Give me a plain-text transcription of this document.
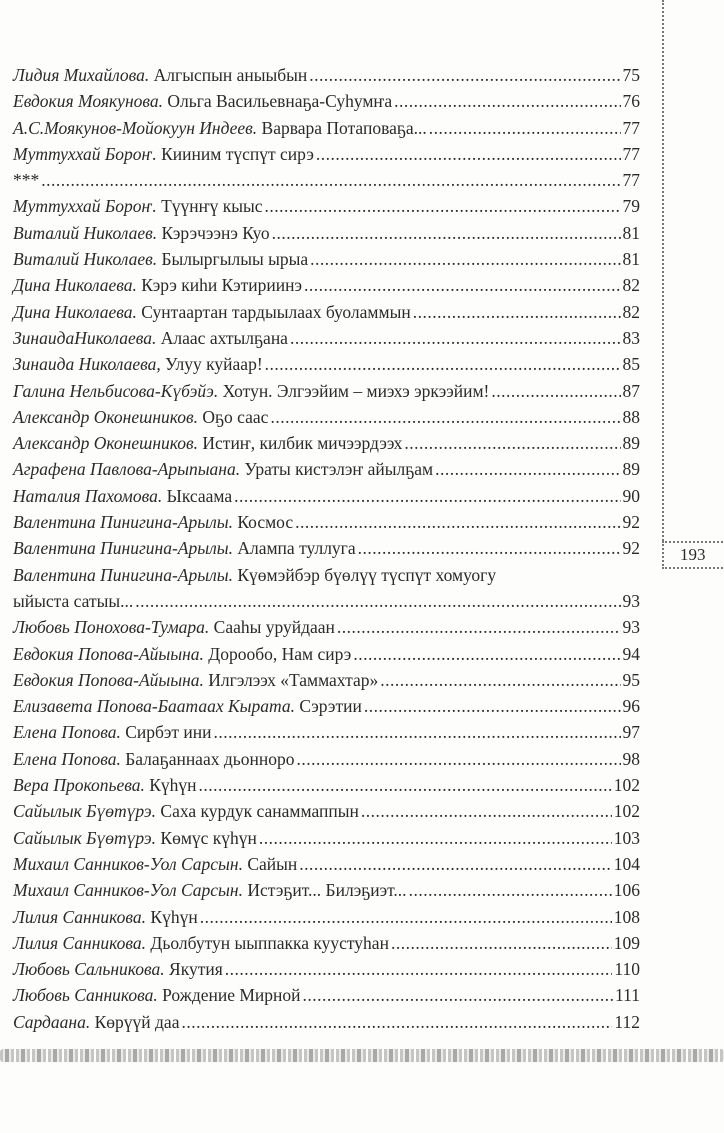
193
Лидия Михайлова. Алгыспын аныыбын .....	75
Евдокия Моякунова. Ольга Васильевнаҕа-Суһумҥа .....	76
А.С.Моякунов-Мойокуун Индеев. Варвара Потаповаҕа... .....	77
Муттуххай Бороҥ. Кииним түспүт сирэ .....	77
*** .....	77
Муттуххай Бороҥ. Түүнҥү кыыс .....	79
Виталий Николаев. Кэрэчээнэ Куо .....	81
Виталий Николаев. Былыргылыы ырыа .....	81
Дина Николаева. Кэрэ киһи Кэтириинэ .....	82
Дина Николаева. Сунтаартан тардыылаах буоламмын .....	82
ЗинаидаНиколаева. Алаас ахтылҕана .....	83
Зинаида Николаева, Улуу куйаар! .....	85
Галина Нельбисова-Күбэйэ. Хотун. Элгээйим – миэхэ эркээйим! .....	87
Александр Оконешников. Оҕо саас .....	88
Александр Оконешников. Истиҥ, килбик мичээрдээх .....	89
Аграфена Павлова-Арыпыана. Ураты кистэлэҥ айылҕам .....	89
Наталия Пахомова. Ыксаама .....	90
Валентина Пинигина-Арылы. Космос .....	92
Валентина Пинигина-Арылы. Алампа туллуга .....	92
Валентина Пинигина-Арылы. Күөмэйбэр бүөлүү түспүт хомуогу
ыйыста сатыы... .....	93
Любовь Понохова-Тумара. Сааһы уруйдаан .....	93
Евдокия Попова-Айыына. Дорообо, Нам сирэ .....	94
Евдокия Попова-Айыына. Илгэлээх «Таммахтар» .....	95
Елизавета Попова-Баатаах Кырата. Сэрэтии .....	96
Елена Попова. Сирбэт ини .....	97
Елена Попова. Балаҕаннаах дьонноро .....	98
Вера Прокопьева. Күһүн .....	102
Сайылык Бүөтүрэ. Саха курдук санаммаппын .....	102
Сайылык Бүөтүрэ. Көмүс күһүн .....	103
Михаил Санников-Уол Сарсын. Сайын .....	104
Михаил Санников-Уол Сарсын. Истэҕит... Билэҕиэт... .....	106
Лилия Санникова. Күһүн .....	108
Лилия Санникова. Дьолбутун ыыппакка куустуһан .....	109
Любовь Сальникова. Якутия .....	110
Любовь Санникова. Рождение Мирной .....	111
Сардаана. Көрүүй даа .....	112
